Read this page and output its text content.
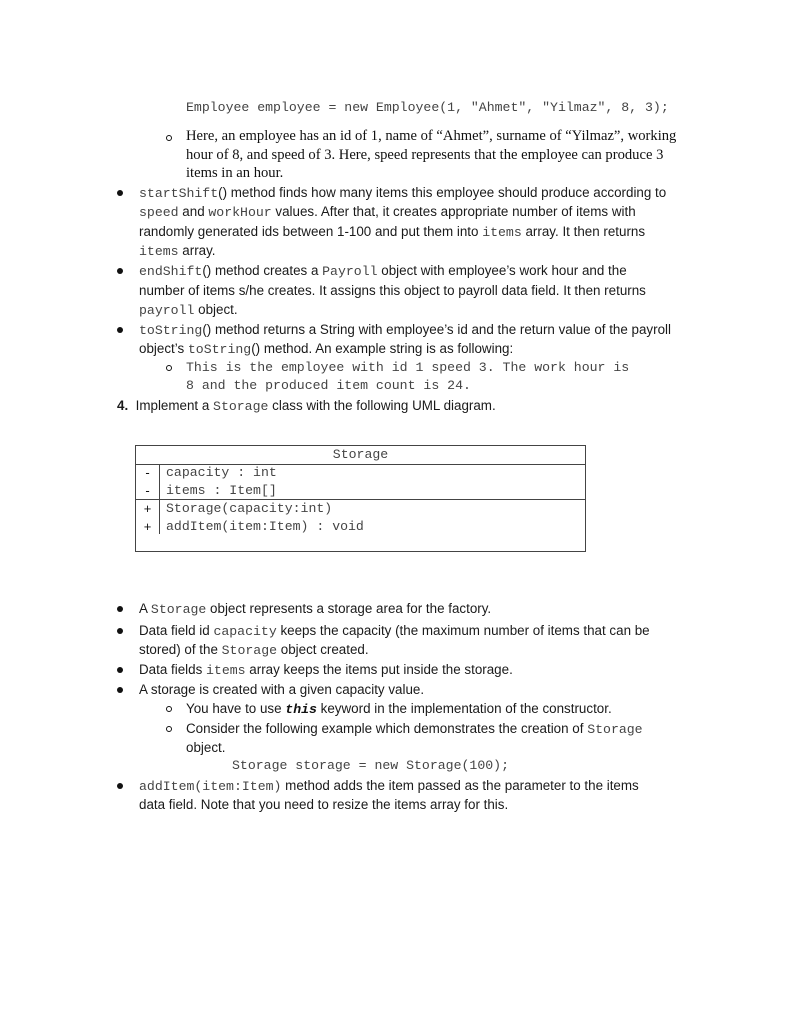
Employee employee = new Employee(1, "Ahmet", "Yilmaz", 8, 3);
Here, an employee has an id of 1, name of “Ahmet”, surname of “Yilmaz”, working
hour of 8, and speed of 3. Here, speed represents that the employee can produce 3
items in an hour.
startShift() method finds how many items this employee should produce according to
speed and workHour values. After that, it creates appropriate number of items with
randomly generated ids between 1-100 and put them into items array. It then returns
items array.
endShift() method creates a Payroll object with employee’s work hour and the
number of items s/he creates. It assigns this object to payroll data field. It then returns
payroll object.
toString() method returns a String with employee’s id and the return value of the payroll
object’s toString() method. An example string is as following:
This is the employee with id 1 speed 3. The work hour is
8 and the produced item count is 24.
4. Implement a Storage class with the following UML diagram.
Storage
-	capacity : int
-	items : Item[]
+	Storage(capacity:int)
+	addItem(item:Item) : void
A Storage object represents a storage area for the factory.
Data field id capacity keeps the capacity (the maximum number of items that can be
stored) of the Storage object created.
Data fields items array keeps the items put inside the storage.
A storage is created with a given capacity value.
You have to use this keyword in the implementation of the constructor.
Consider the following example which demonstrates the creation of Storage
object.
Storage storage = new Storage(100);
addItem(item:Item) method adds the item passed as the parameter to the items
data field. Note that you need to resize the items array for this.
